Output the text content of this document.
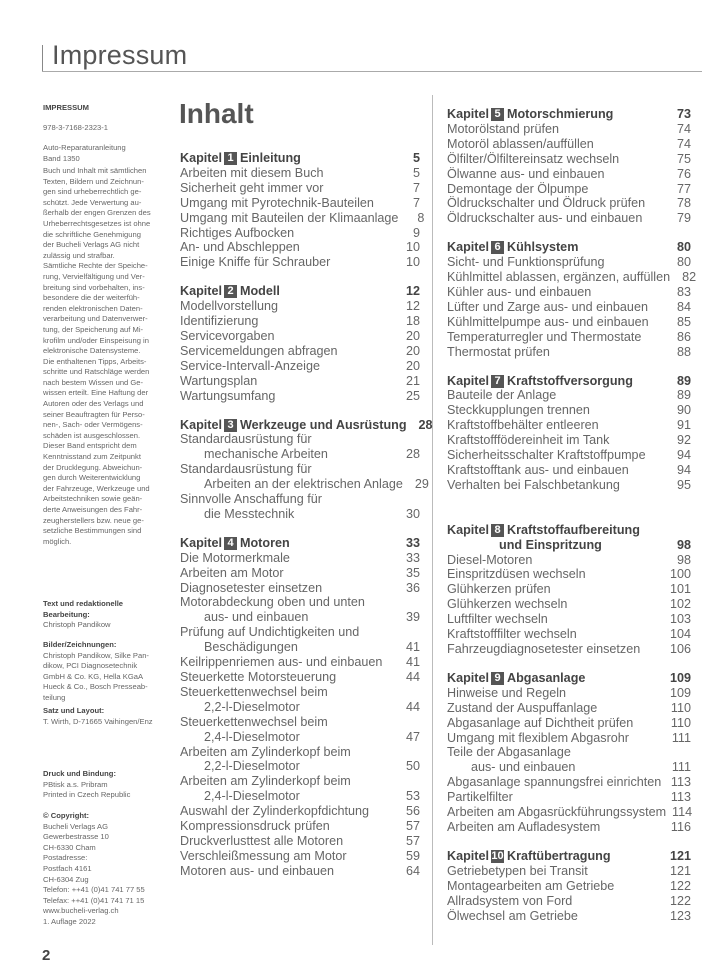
Impressum
IMPRESSUM
978-3-7168-2323-1
Auto-Reparaturanleitung
Band 1350
Buch und Inhalt mit sämtlichen
Texten, Bildern und Zeichnun-
gen sind urheberrechtlich ge-
schützt. Jede Verwertung au-
ßerhalb der engen Grenzen des
Urheberrechtsgesetzes ist ohne
die schriftliche Genehmigung
der Bucheli Verlags AG nicht
zulässig und strafbar.
Sämtliche Rechte der Speiche-
rung, Vervielfältigung und Ver-
breitung sind vorbehalten, ins-
besondere die der weiterfüh-
renden elektronischen Daten-
verarbeitung und Datenverwer-
tung, der Speicherung auf Mi-
krofilm und/oder Einspeisung in
elektronische Datensysteme.
Die enthaltenen Tipps, Arbeits-
schritte und Ratschläge werden
nach bestem Wissen und Ge-
wissen erteilt. Eine Haftung der
Autoren oder des Verlags und
seiner Beauftragten für Perso-
nen-, Sach- oder Vermögens-
schäden ist ausgeschlossen.
Dieser Band entspricht dem
Kenntnisstand zum Zeitpunkt
der Drucklegung. Abweichun-
gen durch Weiterentwicklung
der Fahrzeuge, Werkzeuge und
Arbeitstechniken sowie geän-
derte Anweisungen des Fahr-
zeugherstellers bzw. neue ge-
setzliche Bestimmungen sind
möglich.
Text und redaktionelle
Bearbeitung:
Christoph Pandikow
Bilder/Zeichnungen:
Christoph Pandikow, Silke Pan-
dikow, PCI Diagnosetechnik
GmbH & Co. KG, Hella KGaA
Hueck & Co., Bosch Presseab-
teilung
Satz und Layout:
T. Wirth, D-71665 Vaihingen/Enz
Druck und Bindung:
PBtisk a.s. Pribram
Printed in Czech Republic
© Copyright:
Bucheli Verlags AG
Gewerbestrasse 10
CH-6330 Cham
Postadresse:
Postfach 4161
CH-6304 Zug
Telefon: ++41 (0)41 741 77 55
Telefax: ++41 (0)41 741 71 15
www.bucheli-verlag.ch
1. Auflage 2022
Inhalt
Kapitel 1 Einleitung	5
Arbeiten mit diesem Buch	5
Sicherheit geht immer vor	7
Umgang mit Pyrotechnik-Bauteilen	7
Umgang mit Bauteilen der Klimaanlage	8
Richtiges Aufbocken	9
An- und Abschleppen	10
Einige Kniffe für Schrauber	10
Kapitel 2 Modell	12
Modellvorstellung	12
Identifizierung	18
Servicevorgaben	20
Servicemeldungen abfragen	20
Service-Intervall-Anzeige	20
Wartungsplan	21
Wartungsumfang	25
Kapitel 3 Werkzeuge und Ausrüstung 28
Standardausrüstung für
mechanische Arbeiten	28
Standardausrüstung für
Arbeiten an der elektrischen Anlage 29
Sinnvolle Anschaffung für
die Messtechnik	30
Kapitel 4 Motoren	33
Die Motormerkmale	33
Arbeiten am Motor	35
Diagnosetester einsetzen	36
Motorabdeckung oben und unten
aus- und einbauen	39
Prüfung auf Undichtigkeiten und
Beschädigungen	41
Keilrippenriemen aus- und einbauen	41
Steuerkette Motorsteuerung	44
Steuerkettenwechsel beim
2,2-l-Dieselmotor	44
Steuerkettenwechsel beim
2,4-l-Dieselmotor	47
Arbeiten am Zylinderkopf beim
2,2-l-Dieselmotor	50
Arbeiten am Zylinderkopf beim
2,4-l-Dieselmotor	53
Auswahl der Zylinderkopfdichtung	56
Kompressionsdruck prüfen	57
Druckverlusttest alle Motoren	57
Verschleißmessung am Motor	59
Motoren aus- und einbauen	64
Kapitel 5 Motorschmierung	73
Motorölstand prüfen	74
Motoröl ablassen/auffüllen	74
Ölfilter/Ölfiltereinsatz wechseln	75
Ölwanne aus- und einbauen	76
Demontage der Ölpumpe	77
Öldruckschalter und Öldruck prüfen	78
Öldruckschalter aus- und einbauen	79
Kapitel 6 Kühlsystem	80
Sicht- und Funktionsprüfung	80
Kühlmittel ablassen, ergänzen, auffüllen 82
Kühler aus- und einbauen	83
Lüfter und Zarge aus- und einbauen	84
Kühlmittelpumpe aus- und einbauen	85
Temperaturregler und Thermostate	86
Thermostat prüfen	88
Kapitel 7 Kraftstoffversorgung	89
Bauteile der Anlage	89
Steckkupplungen trennen	90
Kraftstoffbehälter entleeren	91
Kraftstofffödereinheit im Tank	92
Sicherheitsschalter Kraftstoffpumpe	94
Kraftstofftank aus- und einbauen	94
Verhalten bei Falschbetankung	95
Kapitel 8 Kraftstoffaufbereitung
und Einspritzung	98
Diesel-Motoren	98
Einspritzdüsen wechseln	100
Glühkerzen prüfen	101
Glühkerzen wechseln	102
Luftfilter wechseln	103
Kraftstofffilter wechseln	104
Fahrzeugdiagnosetester einsetzen	106
Kapitel 9 Abgasanlage	109
Hinweise und Regeln	109
Zustand der Auspuffanlage	110
Abgasanlage auf Dichtheit prüfen	110
Umgang mit flexiblem Abgasrohr	111
Teile der Abgasanlage
aus- und einbauen	111
Abgasanlage spannungsfrei einrichten 113
Partikelfilter	113
Arbeiten am Abgasrückführungssystem 114
Arbeiten am Aufladesystem	116
Kapitel 10 Kraftübertragung	121
Getriebetypen bei Transit	121
Montagearbeiten am Getriebe	122
Allradsystem von Ford	122
Ölwechsel am Getriebe	123
2
